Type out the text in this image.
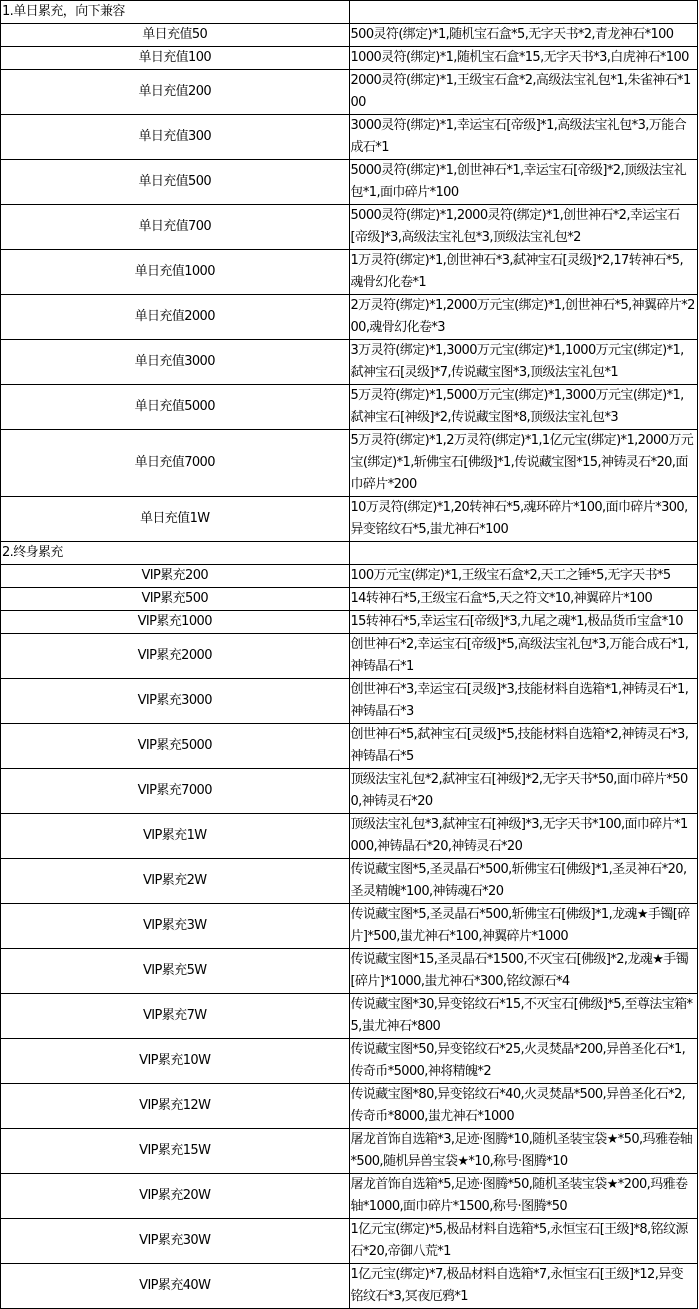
1.单日累充，向下兼容	
单日充值50	500灵符(绑定)*1,随机宝石盒*5,无字天书*2,青龙神石*100
单日充值100	1000灵符(绑定)*1,随机宝石盒*15,无字天书*3,白虎神石*100
单日充值200	2000灵符(绑定)*1,王级宝石盒*2,高级法宝礼包*1,朱雀神石*100
单日充值300	3000灵符(绑定)*1,幸运宝石[帝级]*1,高级法宝礼包*3,万能合成石*1
单日充值500	5000灵符(绑定)*1,创世神石*1,幸运宝石[帝级]*2,顶级法宝礼包*1,面巾碎片*100
单日充值700	5000灵符(绑定)*1,2000灵符(绑定)*1,创世神石*2,幸运宝石[帝级]*3,高级法宝礼包*3,顶级法宝礼包*2
单日充值1000	1万灵符(绑定)*1,创世神石*3,弑神宝石[灵级]*2,17转神石*5,魂骨幻化卷*1
单日充值2000	2万灵符(绑定)*1,2000万元宝(绑定)*1,创世神石*5,神翼碎片*200,魂骨幻化卷*3
单日充值3000	3万灵符(绑定)*1,3000万元宝(绑定)*1,1000万元宝(绑定)*1,弑神宝石[灵级]*7,传说藏宝图*3,顶级法宝礼包*1
单日充值5000	5万灵符(绑定)*1,5000万元宝(绑定)*1,3000万元宝(绑定)*1,弑神宝石[神级]*2,传说藏宝图*8,顶级法宝礼包*3
单日充值7000	5万灵符(绑定)*1,2万灵符(绑定)*1,1亿元宝(绑定)*1,2000万元宝(绑定)*1,斩佛宝石[佛级]*1,传说藏宝图*15,神铸灵石*20,面巾碎片*200
单日充值1W	10万灵符(绑定)*1,20转神石*5,魂环碎片*100,面巾碎片*300,异变铭纹石*5,蚩尤神石*100
2.终身累充	
VIP累充200	100万元宝(绑定)*1,王级宝石盒*2,天工之锤*5,无字天书*5
VIP累充500	14转神石*5,王级宝石盒*5,天之符文*10,神翼碎片*100
VIP累充1000	15转神石*5,幸运宝石[帝级]*3,九尾之魂*1,极品货币宝盒*10
VIP累充2000	创世神石*2,幸运宝石[帝级]*5,高级法宝礼包*3,万能合成石*1,神铸晶石*1
VIP累充3000	创世神石*3,幸运宝石[灵级]*3,技能材料自选箱*1,神铸灵石*1,神铸晶石*3
VIP累充5000	创世神石*5,弑神宝石[灵级]*5,技能材料自选箱*2,神铸灵石*3,神铸晶石*5
VIP累充7000	顶级法宝礼包*2,弑神宝石[神级]*2,无字天书*50,面巾碎片*500,神铸灵石*20
VIP累充1W	顶级法宝礼包*3,弑神宝石[神级]*3,无字天书*100,面巾碎片*1000,神铸晶石*20,神铸灵石*20
VIP累充2W	传说藏宝图*5,圣灵晶石*500,斩佛宝石[佛级]*1,圣灵神石*20,圣灵精魄*100,神铸魂石*20
VIP累充3W	传说藏宝图*5,圣灵晶石*500,斩佛宝石[佛级]*1,龙魂★手镯[碎片]*500,蚩尤神石*100,神翼碎片*1000
VIP累充5W	传说藏宝图*15,圣灵晶石*1500,不灭宝石[佛级]*2,龙魂★手镯[碎片]*1000,蚩尤神石*300,铭纹源石*4
VIP累充7W	传说藏宝图*30,异变铭纹石*15,不灭宝石[佛级]*5,至尊法宝箱*5,蚩尤神石*800
VIP累充10W	传说藏宝图*50,异变铭纹石*25,火灵焚晶*200,异兽圣化石*1,传奇币*5000,神将精魄*2
VIP累充12W	传说藏宝图*80,异变铭纹石*40,火灵焚晶*500,异兽圣化石*2,传奇币*8000,蚩尤神石*1000
VIP累充15W	屠龙首饰自选箱*3,足迹·图腾*10,随机圣装宝袋★*50,玛雅卷轴*500,随机异兽宝袋★*10,称号·图腾*10
VIP累充20W	屠龙首饰自选箱*5,足迹·图腾*50,随机圣装宝袋★*200,玛雅卷轴*1000,面巾碎片*1500,称号·图腾*50
VIP累充30W	1亿元宝(绑定)*5,极品材料自选箱*5,永恒宝石[王级]*8,铭纹源石*20,帝御八荒*1
VIP累充40W	1亿元宝(绑定)*7,极品材料自选箱*7,永恒宝石[王级]*12,异变铭纹石*3,冥夜厄鸦*1
